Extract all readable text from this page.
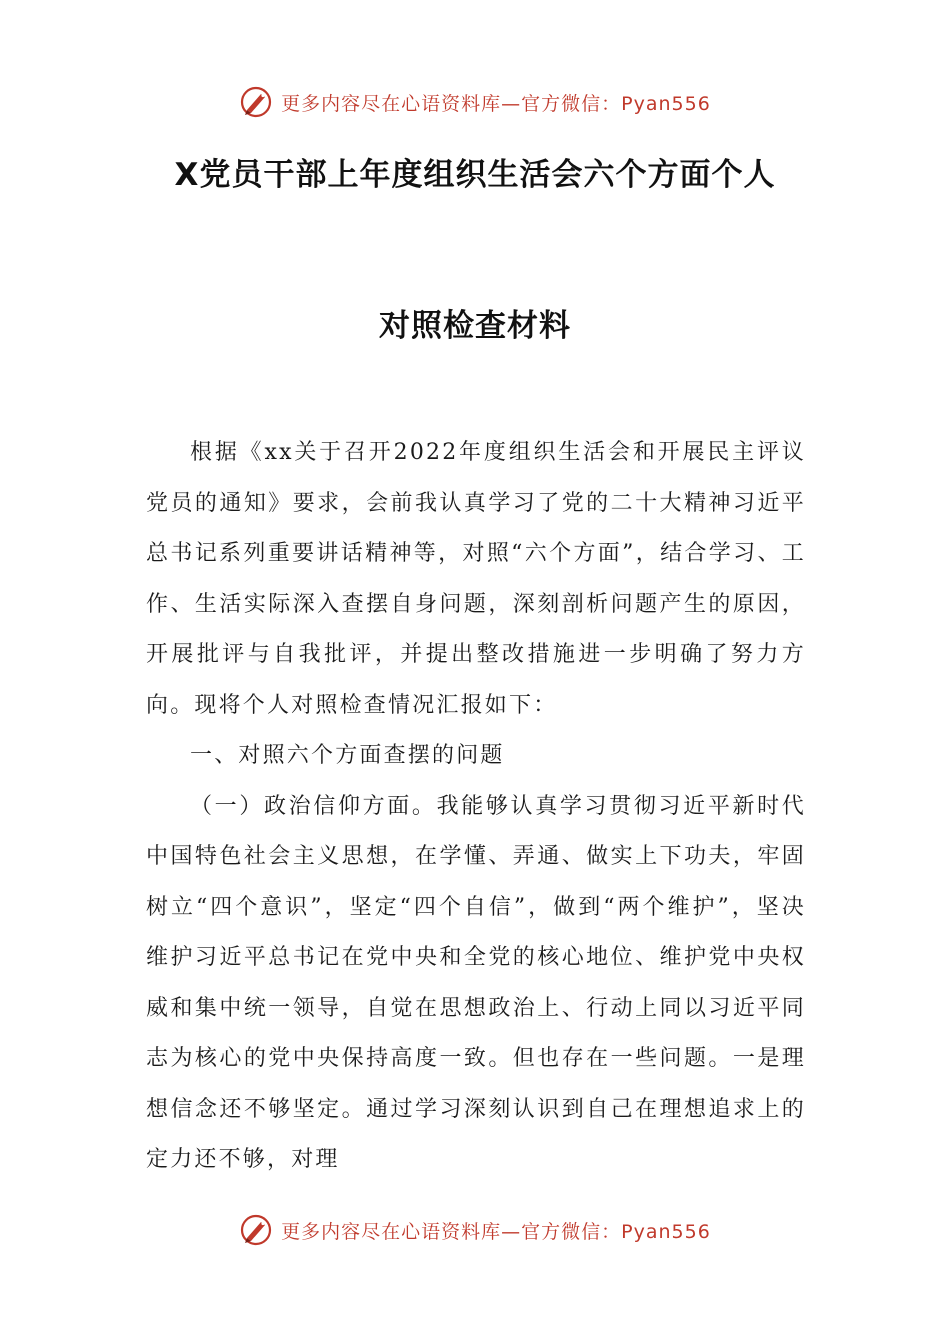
更多内容尽在心语资料库—官方微信：Pyan556
X党员干部上年度组织生活会六个方面个人
对照检查材料

根据《xx关于召开2022年度组织生活会和开展民主评议党员的通知》要求，会前我认真学习了党的二十大精神习近平总书记系列重要讲话精神等，对照“六个方面”，结合学习、工作、生活实际深入查摆自身问题，深刻剖析问题产生的原因，开展批评与自我批评，并提出整改措施进一步明确了努力方向。现将个人对照检查情况汇报如下：

一、对照六个方面查摆的问题

（一）政治信仰方面。我能够认真学习贯彻习近平新时代中国特色社会主义思想，在学懂、弄通、做实上下功夫，牢固树立“四个意识”，坚定“四个自信”，做到“两个维护”，坚决维护习近平总书记在党中央和全党的核心地位、维护党中央权威和集中统一领导，自觉在思想政治上、行动上同以习近平同志为核心的党中央保持高度一致。但也存在一些问题。一是理想信念还不够坚定。通过学习深刻认识到自己在理想追求上的定力还不够，对理

更多内容尽在心语资料库—官方微信：Pyan556
